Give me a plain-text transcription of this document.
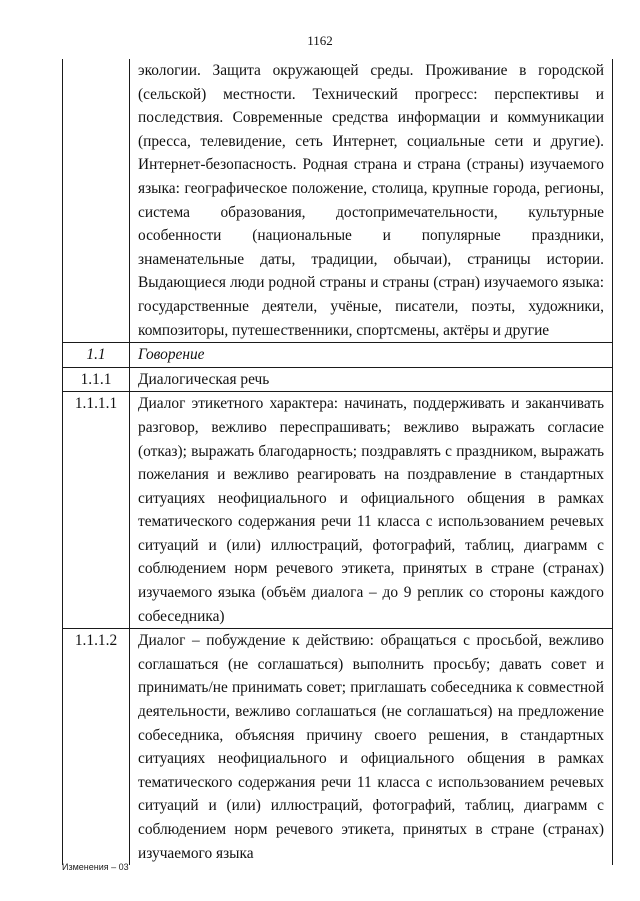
1162
	экологии. Защита окружающей среды. Проживание в городской (сельской) местности. Технический прогресс: перспективы и последствия. Современные средства информации и коммуникации (пресса, телевидение, сеть Интернет, социальные сети и другие). Интернет-безопасность. Родная страна и страна (страны) изучаемого языка: географическое положение, столица, крупные города, регионы, система образования, достопримечательности, культурные особенности (национальные и популярные праздники, знаменательные даты, традиции, обычаи), страницы истории. Выдающиеся люди родной страны и страны (стран) изучаемого языка: государственные деятели, учёные, писатели, поэты, художники, композиторы, путешественники, спортсмены, актёры и другие
1.1	Говорение
1.1.1	Диалогическая речь
1.1.1.1	Диалог этикетного характера: начинать, поддерживать и заканчивать разговор, вежливо переспрашивать; вежливо выражать согласие (отказ); выражать благодарность; поздравлять с праздником, выражать пожелания и вежливо реагировать на поздравление в стандартных ситуациях неофициального и официального общения в рамках тематического содержания речи 11 класса с использованием речевых ситуаций и (или) иллюстраций, фотографий, таблиц, диаграмм с соблюдением норм речевого этикета, принятых в стране (странах) изучаемого языка (объём диалога – до 9 реплик со стороны каждого собеседника)
1.1.1.2	Диалог – побуждение к действию: обращаться с просьбой, вежливо соглашаться (не соглашаться) выполнить просьбу; давать совет и принимать/не принимать совет; приглашать собеседника к совместной деятельности, вежливо соглашаться (не соглашаться) на предложение собеседника, объясняя причину своего решения, в стандартных ситуациях неофициального и официального общения в рамках тематического содержания речи 11 класса с использованием речевых ситуаций и (или) иллюстраций, фотографий, таблиц, диаграмм с соблюдением норм речевого этикета, принятых в стране (странах) изучаемого языка
Изменения – 03
